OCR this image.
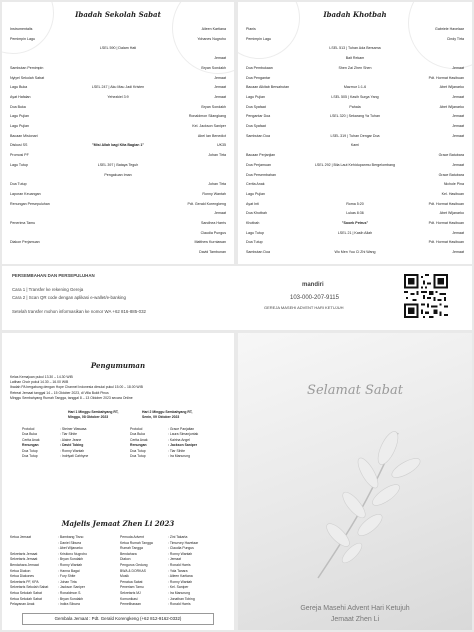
Ibadah Sekolah Sabat
Instrumentalis	Aileen Kartiana
Pemimpin Lagu	Yohanes Nugroho
LSEL 590 | Dalam Hati
Jemaat
Sambutan Pemimpin	Bryan Sondakh
Nyiyel Sekolah Sabat	Jemaat
Lagu Buka	LSEL 247 | Aku Mau Jadi Kristen	Jemaat
Ayat Hafalan	Yehezkiel 3:9	Jemaat
Doa Buka	Bryan Sondakh
Lagu Pujian	Ronaldmon Silangkang
Lagu Pujian	Kel. Jackson Saniper
Bacaan Misionari	Abel Ian Benedict
Diskusi SS	"Misi Allah bagi Kita Bagian 1"	UK35
Promosi PF	Johan Tirta
Lagu Tutup	LSEL 397 | Bataya Teguh
Pengakuan Iman
Doa Tutup	Johan Tirta
Laporan Keuangan	Ronny Wantah
Renungan Persepuluhan	Pdt. Gerald Korengkeng
Jemaat
Penerima Tamu	Sandhea Harris
Claudia Pungus
Diakon Perjamuan	Matthew Kurniawan
David Tambunan
Ibadah Khotbah
Pianis	Gabriele Havelaar
Pemimpin Lagu	Cindy Tirta
LSEL 513 | Tuhan Ada Bersama
Bait Rekam
Doa Pembukaan	Shen Zai Zhen Shen	Jemaat
Doa Pengantar	Pdt. Hormat Hasibuan
Bacaan Alkitab Bersahutan	Mazmur 1:1-6	Abet Wijanarko
Lagu Pujian	LSEL 505 | Kasih Surga Yang	Jemaat
Doa Syafaat	Pahala	Abet Wijanarko
Pengantar Doa	LSEL 320 | Sekarang Ya Tuhan	Jemaat
Doa Syafaat	Jemaat
Sambutan Doa	LSEL 319 | Tuhan Dengar Doa	Jemaat
Kami
Bacaan Perjanjian	Grace Batubara
Doa Perjamuan	LSEL 292 | Bila Laut Kehidupanmu Bergelombang	Jemaat
Doa Persembahan	Grace Batubara
Cerita Anak	Nichole Pina
Lagu Pujian	Kel. Hasibuan
Ayat Inti	Roma 5:20	Pdt. Hormat Hasibuan
Doa Khotbah	Lukas 8:36	Abet Wijanarko
Khotbah	"Sooek Petrus"	Pdt. Hormat Hasibuan
Lagu Tutup	LSEL 21 | Kasih Allah	Jemaat
Doa Tutup	Pdt. Hormat Hasibuan
Sambutan Doa	Wo Men Yuu Ci Zhi Wang	Jemaat
PERSEMBAHAN DAN PERSEPULUHAN
Cara 1 | Transfer ke rekening Gereja
Cara 2 | Scan QR code dengan aplikasi e-wallet/e-banking
Setelah transfer mohon informasikan ke nomor WA +62 816-885-032
mandiri
103-000-207-9115
GEREJA MASEHI ADVENT HARI KETUJUH
Pengumuman
Kelas Kemajuan pukul 13.30 – 14.30 WIB
Latihan Choir pukul 14.30 – 16.00 WIB
Ibadah PA bergabung dengan Hope Channel Indonesia dimulai pukul 15.00 – 18.00 WIB
Retreat Jemaat tanggal 14 – 15 Oktober 2023, di Villa Bukit Pinus
Minggu Sembahyang Rumah Tangga, tanggal 8 – 13 Oktober 2023 secara Online
Hari 1 Minggu Sembahyang RT,
Minggu, 08 Oktober 2023
Hari 2 Minggu Sembahyang RT,
Senin, 09 Oktober 2023
Protokol	: Steiner Wawasa
Doa Buka	: Tiar Sihite
Cerita Anak	: Alaine Jeane
Renungan	: David Tobing
Doa Tutup	: Ronny Wantah
Doa Tutup	: Indriyati Cahhyne
Protokol	: Grace Panjaitan
Doa Buka	: Laura Simanjuntak
Cerita Anak	: Kairina Angel
Renungan	: Jackson Saniper
Doa Tutup	: Tiar Sihite
Doa Tutup	: Ira Manurung
Majelis Jemaat Zhen Li 2023
Ketua Jemaat	: Bambang Tisno	Pemuda Advent	: Zini Takarta
: Daniel Sibuea	Ketua Rumah Tangga	: Timurvey Havelaar
: Abet Wijanarko	Rumah Tangga	: Claudia Pungus
Sekretaris Jemaat	: Kristiono Nugroho	Bendahara	: Ronny Wantah
Sekretaris Jemaat	: Bryan Sondakh	Diakon	: Jemaat
Bendahara Jemaat	: Ronny Wantah	Pengurus Gedung	: Ronald Harris
Ketua Diakon	: Hanna Bagai	BWA & DORKAS	: Yola Tanara
Ketua Diakones	: Fury Shite	Musik	: Aileen Kartiana
Sekretaris PF, KPA	: Johan Tirta	Penatua Sabat	: Ronny Wantah
Sekretaris Sekolah Sabat	: Jackson Saniper	Peneriam Tamu	: Kel. Saniper
Ketua Sekolah Sabat	: Ronaldmon S.	Sekretaris MJ	: Ira Manurung
Ketua Sekolah Sabat	: Bryan Sondakh	Komunikasi	: Jonathan Tobing
Pelayanan Anak	: Indira Sibuea	Pemeliharaan	: Ronald Harris
Gembala Jemaat : Pdt. Gerald Korengkeng (+62 812-9162-0332)
Selamat Sabat
Gereja Masehi Advent Hari Ketujuh
Jemaat Zhen Li
